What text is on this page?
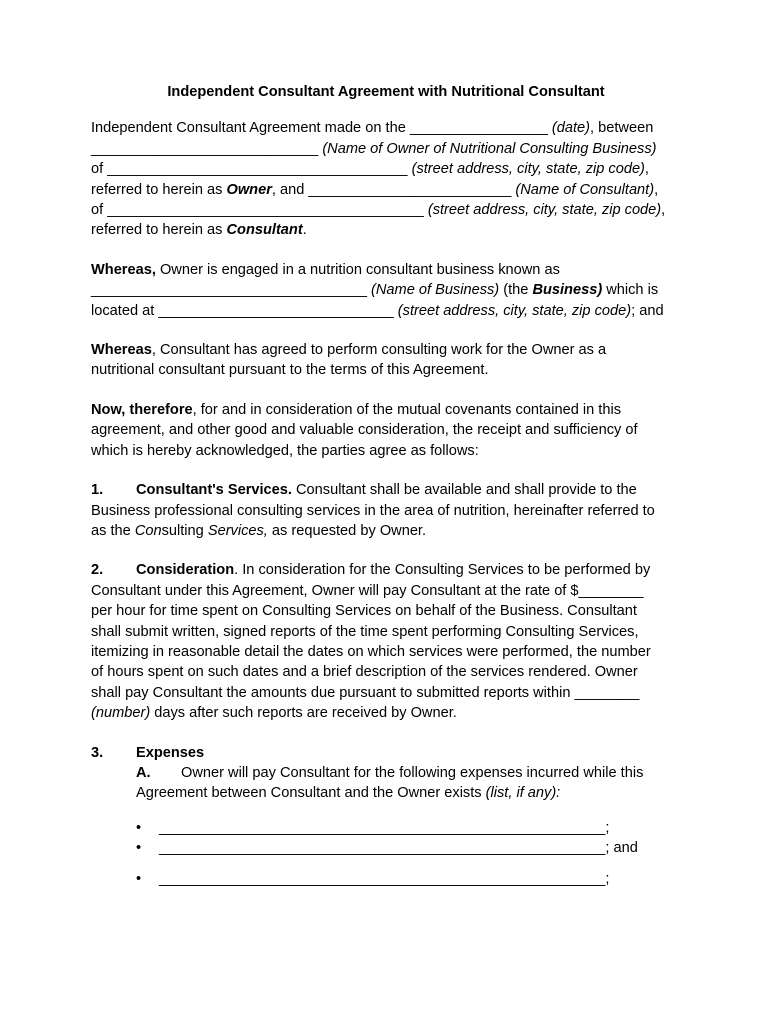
Independent Consultant Agreement with Nutritional Consultant

Independent Consultant Agreement made on the _________________ (date), between
____________________________ (Name of Owner of Nutritional Consulting Business)
of _____________________________________ (street address, city, state, zip code),
referred to herein as Owner, and _________________________ (Name of Consultant),
of _______________________________________ (street address, city, state, zip code),
referred to herein as Consultant.
Whereas, Owner is engaged in a nutrition consultant business known as
__________________________________ (Name of Business) (the Business) which is
located at _____________________________ (street address, city, state, zip code); and
Whereas, Consultant has agreed to perform consulting work for the Owner as a
nutritional consultant pursuant to the terms of this Agreement.
Now, therefore, for and in consideration of the mutual covenants contained in this
agreement, and other good and valuable consideration, the receipt and sufficiency of
which is hereby acknowledged, the parties agree as follows:
1. Consultant's Services. Consultant shall be available and shall provide to the
Business professional consulting services in the area of nutrition, hereinafter referred to
as the Consulting Services, as requested by Owner.
2. Consideration. In consideration for the Consulting Services to be performed by
Consultant under this Agreement, Owner will pay Consultant at the rate of $________
per hour for time spent on Consulting Services on behalf of the Business. Consultant
shall submit written, signed reports of the time spent performing Consulting Services,
itemizing in reasonable detail the dates on which services were performed, the number
of hours spent on such dates and a brief description of the services rendered. Owner
shall pay Consultant the amounts due pursuant to submitted reports within ________
(number) days after such reports are received by Owner.
3. Expenses
A. Owner will pay Consultant for the following expenses incurred while this
Agreement between Consultant and the Owner exists (list, if any):
• _______________________________________________________;
• _______________________________________________________; and
• _______________________________________________________;
